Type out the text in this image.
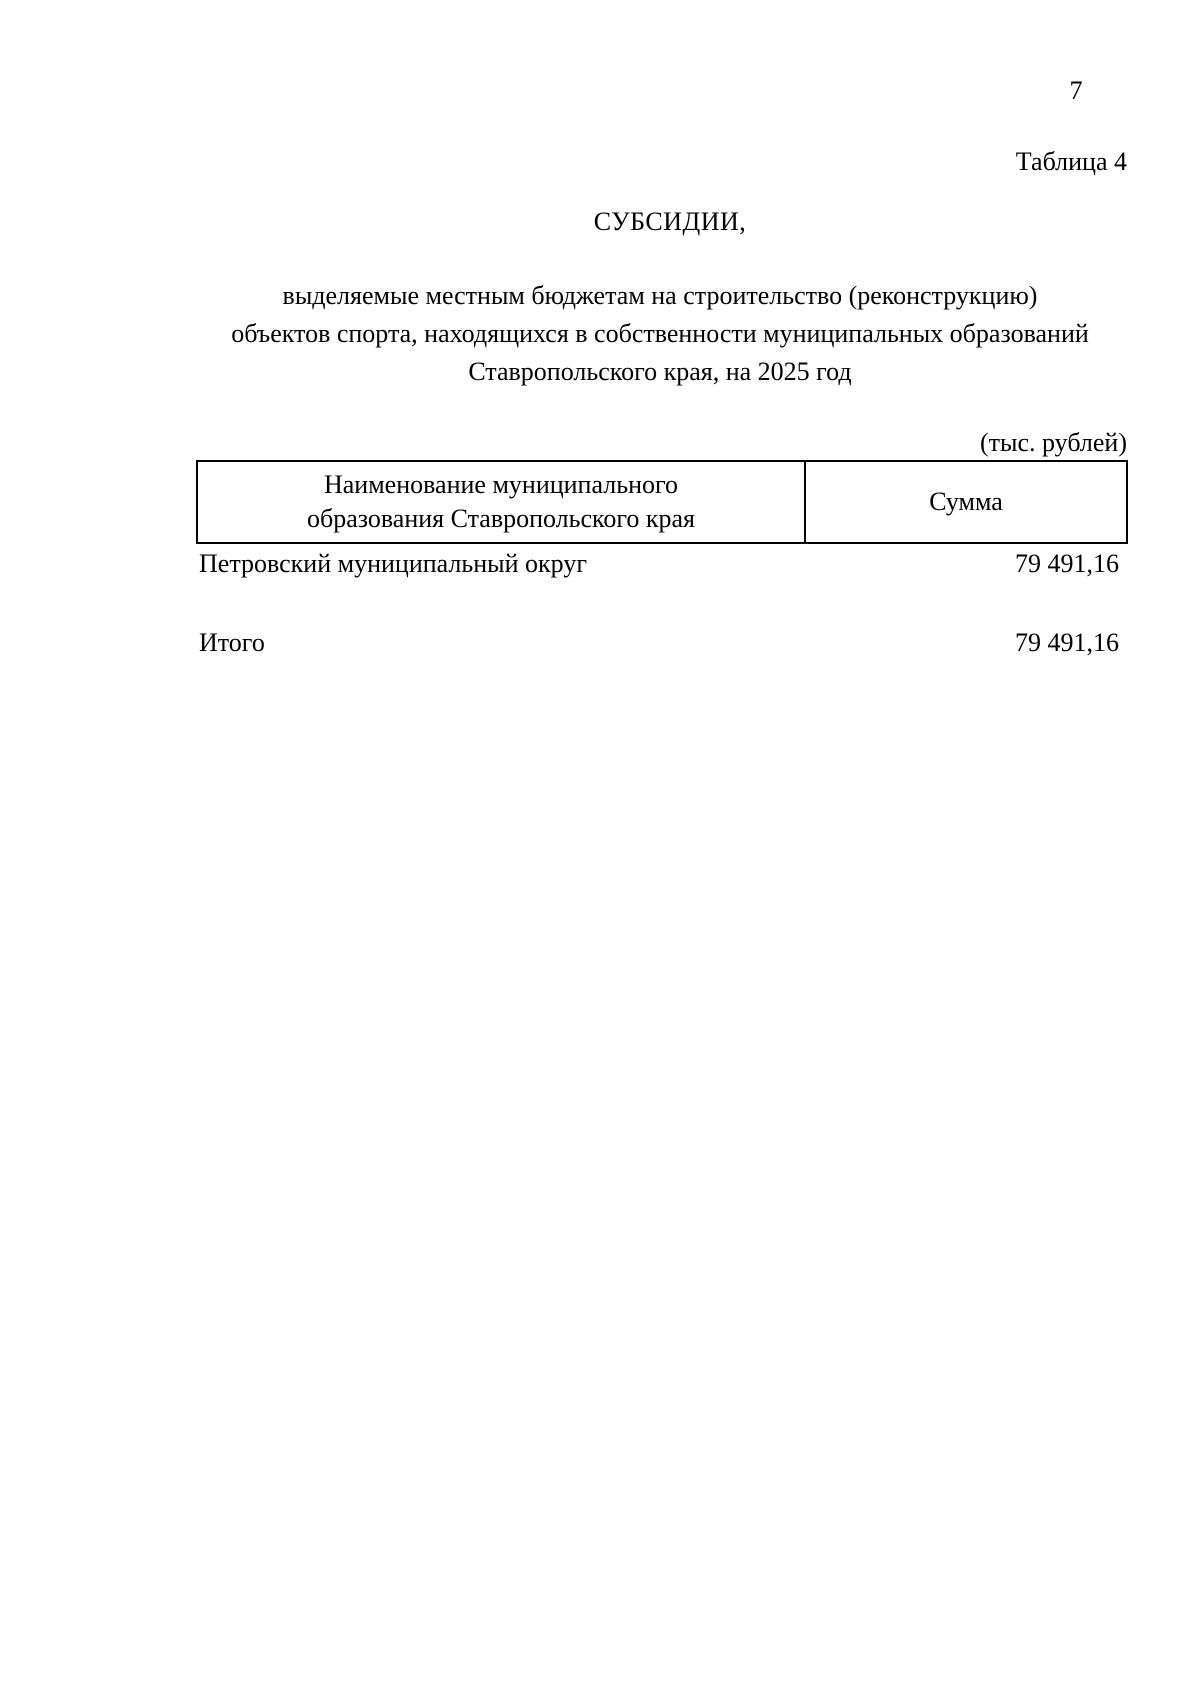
7
Таблица 4
СУБСИДИИ,
выделяемые местным бюджетам на строительство (реконструкцию)
объектов спорта, находящихся в собственности муниципальных образований
Ставропольского края, на 2025 год
(тыс. рублей)
Наименование муниципального
образования Ставропольского края
Сумма
Петровский муниципальный округ	79 491,16
Итого	79 491,16
